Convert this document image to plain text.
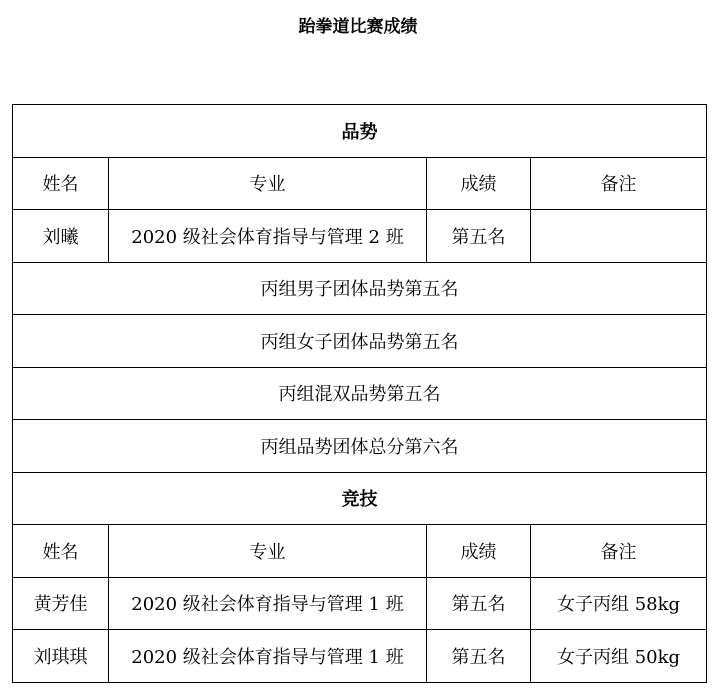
跆拳道比赛成绩
品势			
姓名	专业	成绩	备注
刘曦	2020 级社会体育指导与管理 2 班	第五名	
丙组男子团体品势第五名			
丙组女子团体品势第五名			
丙组混双品势第五名			
丙组品势团体总分第六名			
竞技			
姓名	专业	成绩	备注
黄芳佳	2020 级社会体育指导与管理 1 班	第五名	女子丙组 58kg
刘琪琪	2020 级社会体育指导与管理 1 班	第五名	女子丙组 50kg
